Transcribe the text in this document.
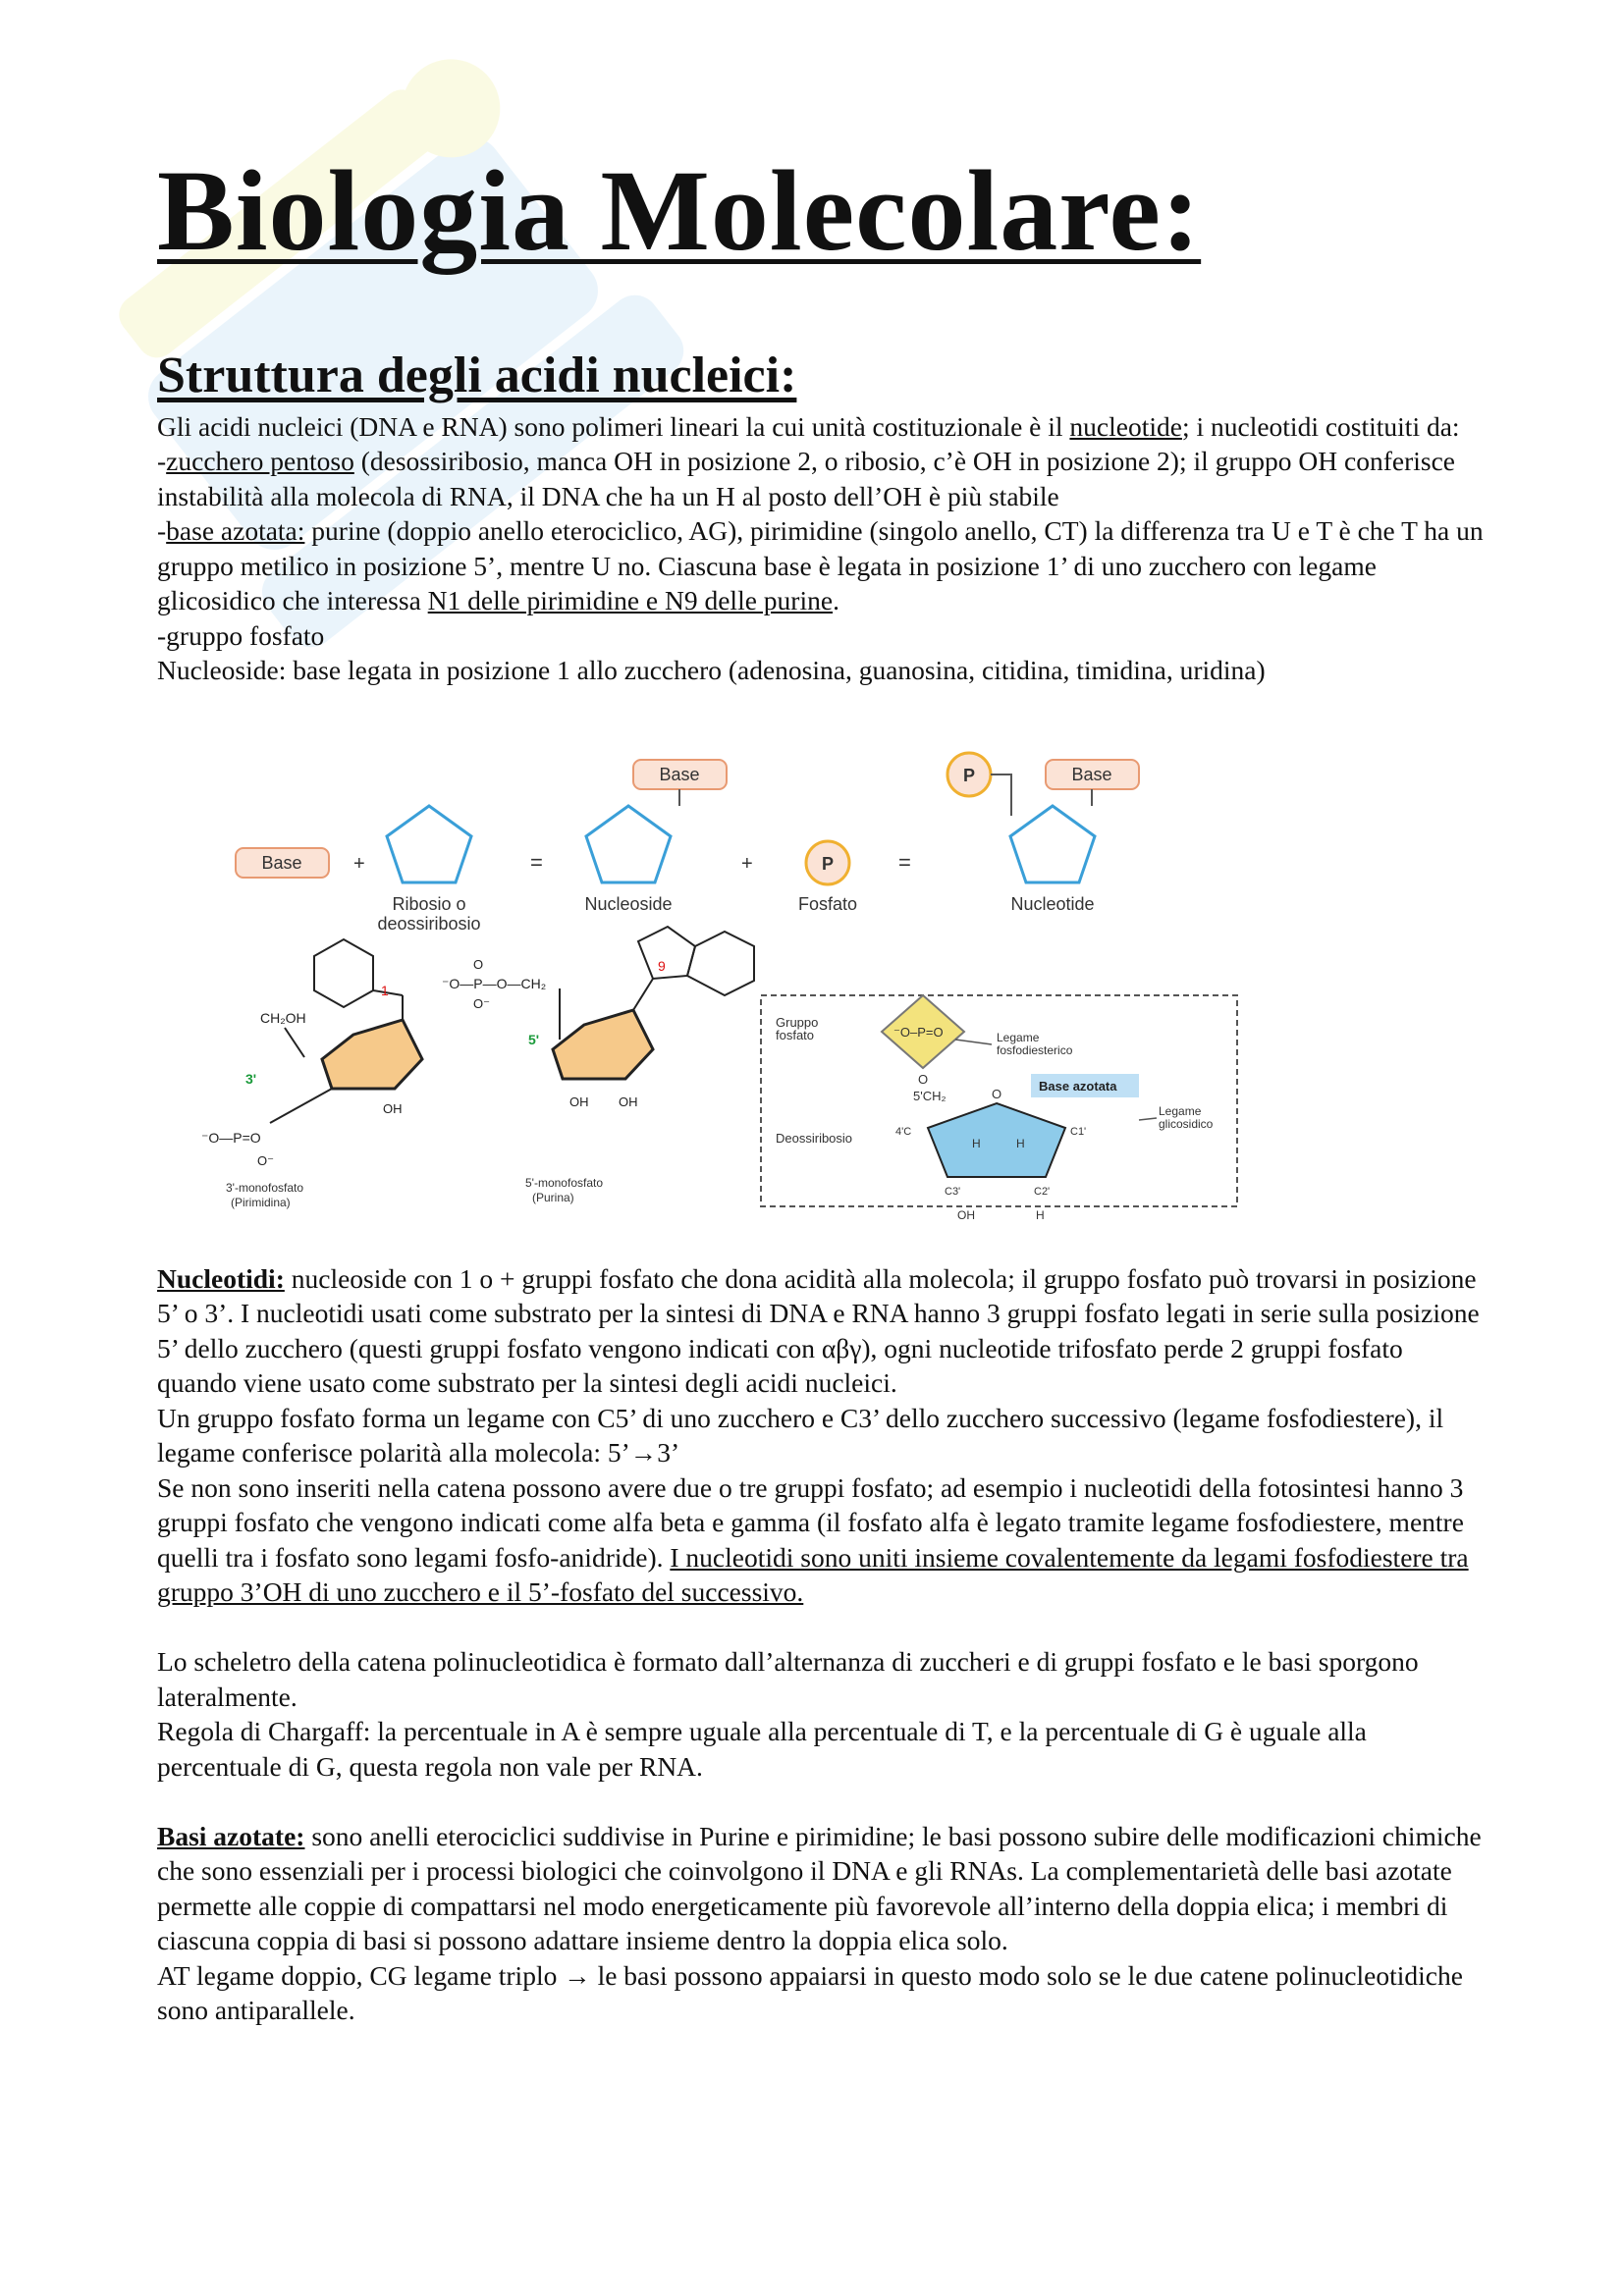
Biologia Molecolare:
Struttura degli acidi nucleici:

Gli acidi nucleici (DNA e RNA) sono polimeri lineari la cui unità costituzionale è il nucleotide; i nucleotidi costituiti da:

-zucchero pentoso (desossiribosio, manca OH in posizione 2, o ribosio, c’è OH in posizione 2); il gruppo OH conferisce instabilità alla molecola di RNA, il DNA che ha un H al posto dell’OH è più stabile

-base azotata: purine (doppio anello eterociclico, AG), pirimidine (singolo anello, CT) la differenza tra U e T è che T ha un gruppo metilico in posizione 5’, mentre U no. Ciascuna base è legata in posizione 1’ di uno zucchero con legame glicosidico che interessa N1 delle pirimidine e N9 delle purine.

-gruppo fosfato

Nucleoside: base legata in posizione 1 allo zucchero (adenosina, guanosina, citidina, timidina, uridina)

Base	+
Ribosio o
deossiribosio
=
Base
Nucleoside
+	P
Fosfato
=
P	Base
Nucleotide
1
CH₂OH
3'
OH
⁻O—P=O
O⁻
3'-monofosfato
(Pirimidina)
⁻O—P—O—CH₂
O
O⁻
5'
OH OH
9
5'-monofosfato
(Purina)
Gruppo
fosfato	⁻O–P=O	Legame
fosfodiesterico
O
5'CH₂
Base azotata
Legame
glicosidico
O
Deossiribosio	4'C	C1'
C3'	C2'
H	H
OH	H

Nucleotidi: nucleoside con 1 o + gruppi fosfato che dona acidità alla molecola; il gruppo fosfato può trovarsi in posizione 5’ o 3’. I nucleotidi usati come substrato per la sintesi di DNA e RNA hanno 3 gruppi fosfato legati in serie sulla posizione 5’ dello zucchero (questi gruppi fosfato vengono indicati con αβγ), ogni nucleotide trifosfato perde 2 gruppi fosfato quando viene usato come substrato per la sintesi degli acidi nucleici.

Un gruppo fosfato forma un legame con C5’ di uno zucchero e C3’ dello zucchero successivo (legame fosfodiestere), il legame conferisce polarità alla molecola: 5’→3’

Se non sono inseriti nella catena possono avere due o tre gruppi fosfato; ad esempio i nucleotidi della fotosintesi hanno 3 gruppi fosfato che vengono indicati come alfa beta e gamma (il fosfato alfa è legato tramite legame fosfodiestere, mentre quelli tra i fosfato sono legami fosfo-anidride). I nucleotidi sono uniti insieme covalentemente da legami fosfodiestere tra gruppo 3’OH di uno zucchero e il 5’-fosfato del successivo.

Lo scheletro della catena polinucleotidica è formato dall’alternanza di zuccheri e di gruppi fosfato e le basi sporgono lateralmente.

Regola di Chargaff: la percentuale in A è sempre uguale alla percentuale di T, e la percentuale di G è uguale alla percentuale di G, questa regola non vale per RNA.

Basi azotate: sono anelli eterociclici suddivise in Purine e pirimidine; le basi possono subire delle modificazioni chimiche che sono essenziali per i processi biologici che coinvolgono il DNA e gli RNAs. La complementarietà delle basi azotate permette alle coppie di compattarsi nel modo energeticamente più favorevole all’interno della doppia elica; i membri di ciascuna coppia di basi si possono adattare insieme dentro la doppia elica solo.

AT legame doppio, CG legame triplo → le basi possono appaiarsi in questo modo solo se le due catene polinucleotidiche sono antiparallele.
